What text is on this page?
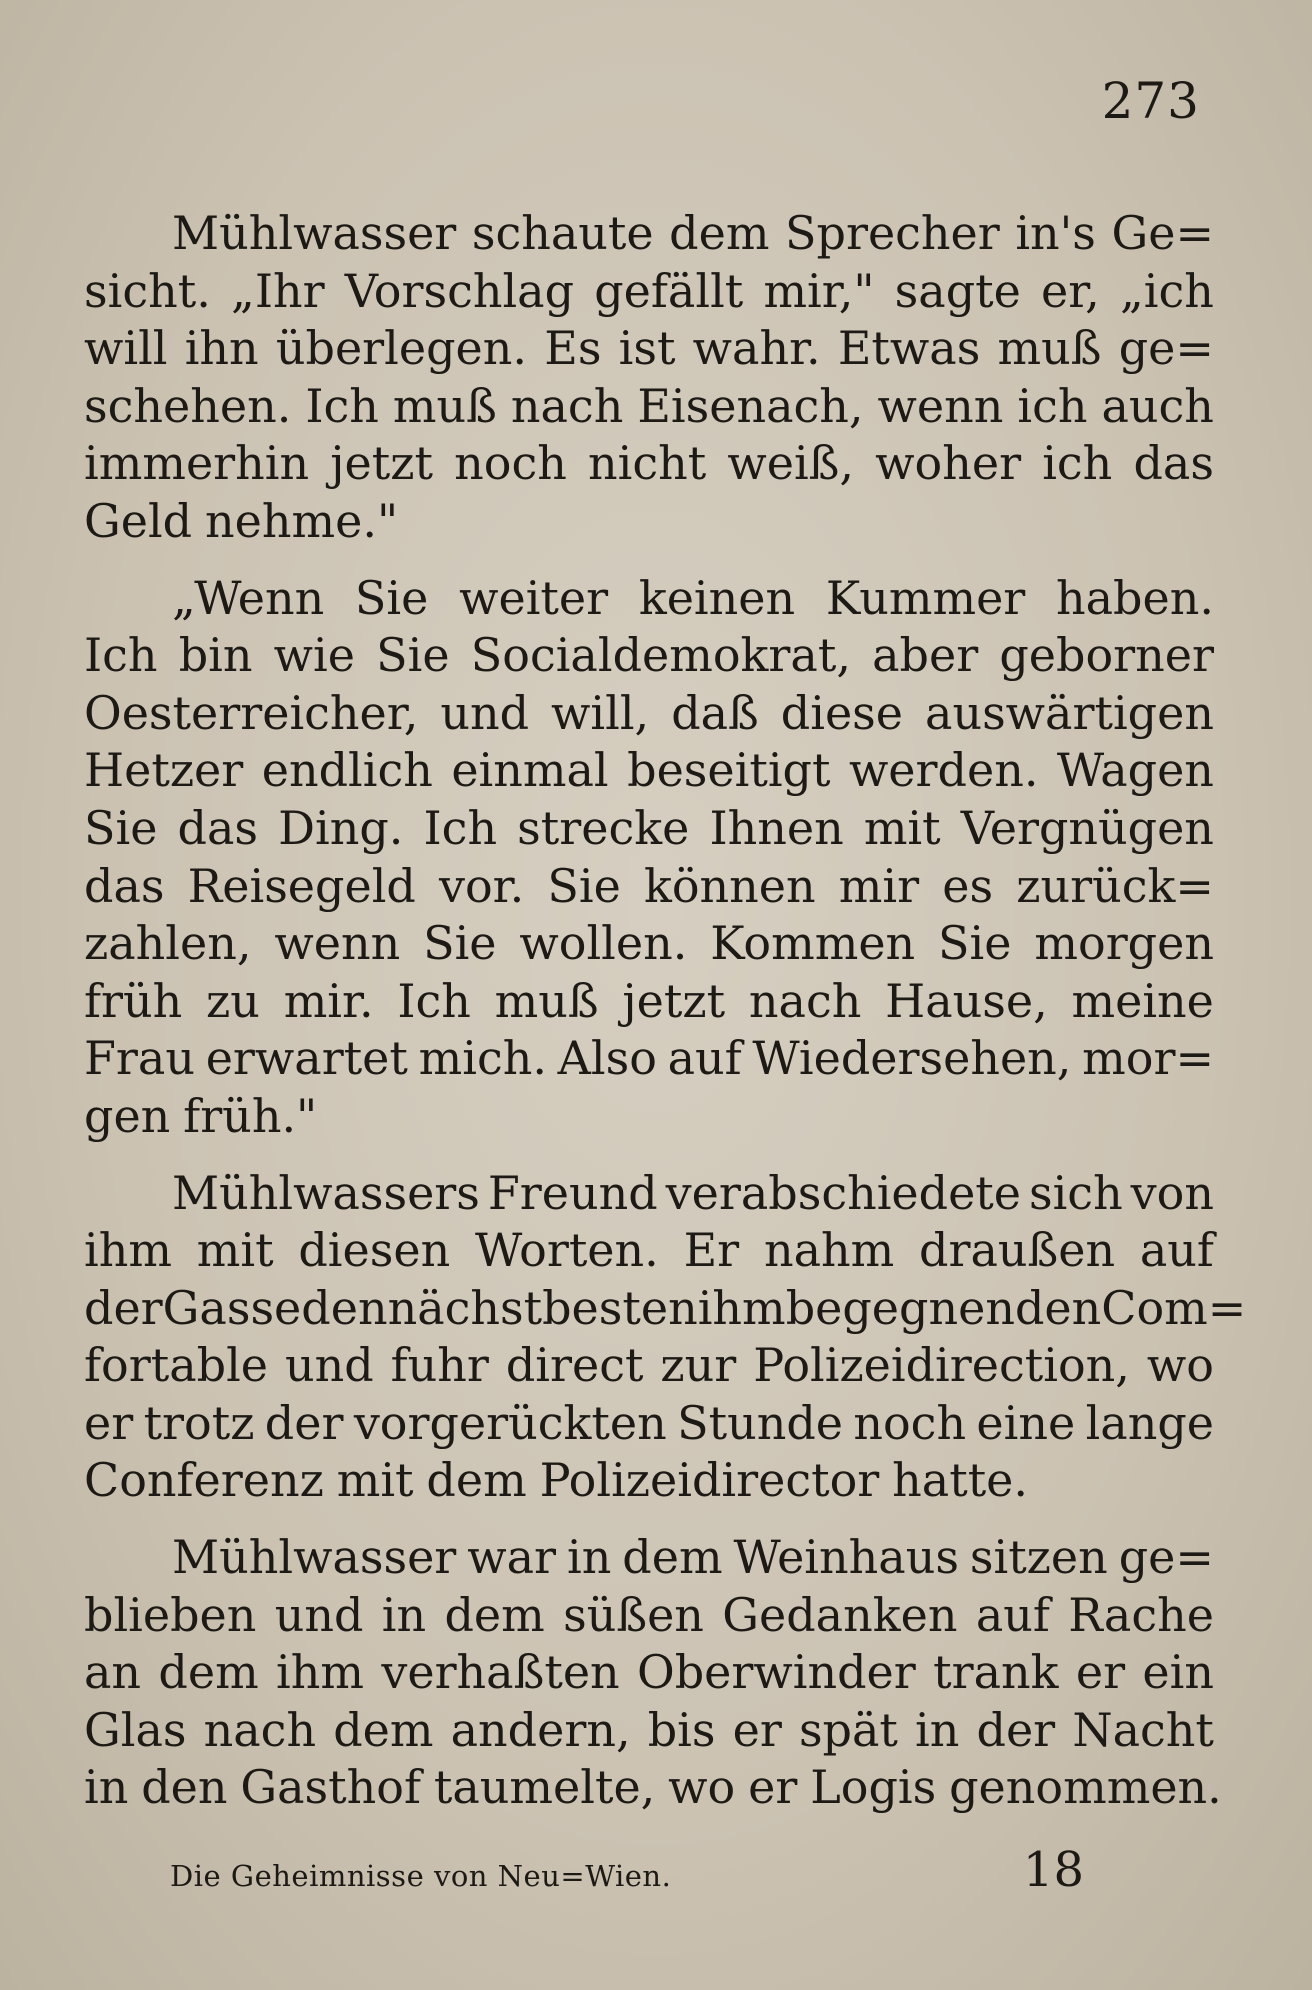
273
Mühlwasser schaute dem Sprecher in's Ge=
sicht. „Ihr Vorschlag gefällt mir," sagte er, „ich
will ihn überlegen. Es ist wahr. Etwas muß ge=
schehen. Ich muß nach Eisenach, wenn ich auch
immerhin jetzt noch nicht weiß, woher ich das
Geld nehme."
„Wenn Sie weiter keinen Kummer haben.
Ich bin wie Sie Socialdemokrat, aber geborner
Oesterreicher, und will, daß diese auswärtigen
Hetzer endlich einmal beseitigt werden. Wagen
Sie das Ding. Ich strecke Ihnen mit Vergnügen
das Reisegeld vor. Sie können mir es zurück=
zahlen, wenn Sie wollen. Kommen Sie morgen
früh zu mir. Ich muß jetzt nach Hause, meine
Frau erwartet mich. Also auf Wiedersehen, mor=
gen früh."
Mühlwassers Freund verabschiedete sich von
ihm mit diesen Worten. Er nahm draußen auf
der Gasse den nächstbesten ihm begegnenden Com=
fortable und fuhr direct zur Polizeidirection, wo
er trotz der vorgerückten Stunde noch eine lange
Conferenz mit dem Polizeidirector hatte.
Mühlwasser war in dem Weinhaus sitzen ge=
blieben und in dem süßen Gedanken auf Rache
an dem ihm verhaßten Oberwinder trank er ein
Glas nach dem andern, bis er spät in der Nacht
in den Gasthof taumelte, wo er Logis genommen.
Die Geheimnisse von Neu=Wien.	18
